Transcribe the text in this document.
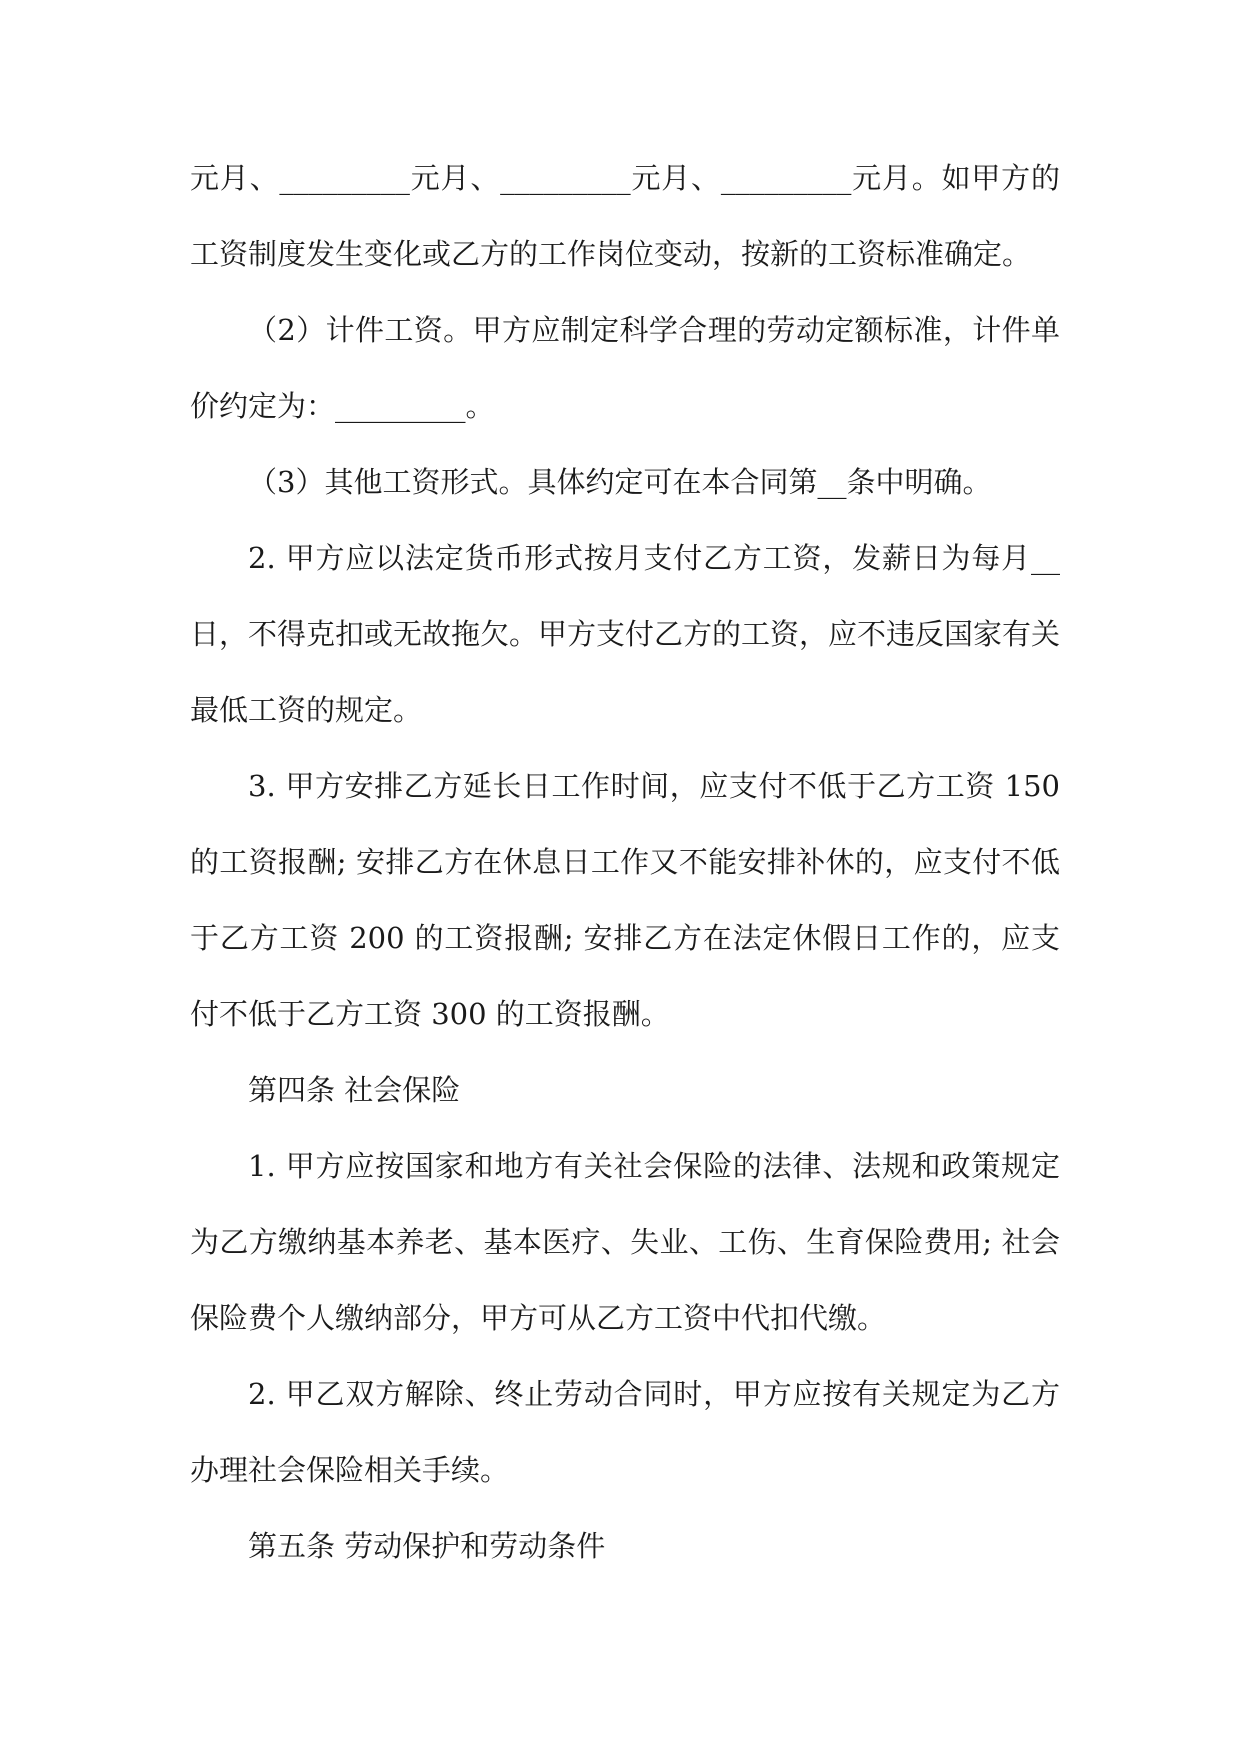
元月、_________元月、_________元月、_________元月。如甲方的工资制度发生变化或乙方的工作岗位变动，按新的工资标准确定。

（2）计件工资。甲方应制定科学合理的劳动定额标准，计件单价约定为：_________。

（3）其他工资形式。具体约定可在本合同第__条中明确。

2. 甲方应以法定货币形式按月支付乙方工资，发薪日为每月__日，不得克扣或无故拖欠。甲方支付乙方的工资，应不违反国家有关最低工资的规定。

3. 甲方安排乙方延长日工作时间，应支付不低于乙方工资 150 的工资报酬; 安排乙方在休息日工作又不能安排补休的，应支付不低于乙方工资 200 的工资报酬; 安排乙方在法定休假日工作的，应支付不低于乙方工资 300 的工资报酬。

第四条 社会保险

1. 甲方应按国家和地方有关社会保险的法律、法规和政策规定为乙方缴纳基本养老、基本医疗、失业、工伤、生育保险费用; 社会保险费个人缴纳部分，甲方可从乙方工资中代扣代缴。

2. 甲乙双方解除、终止劳动合同时，甲方应按有关规定为乙方办理社会保险相关手续。

第五条 劳动保护和劳动条件
